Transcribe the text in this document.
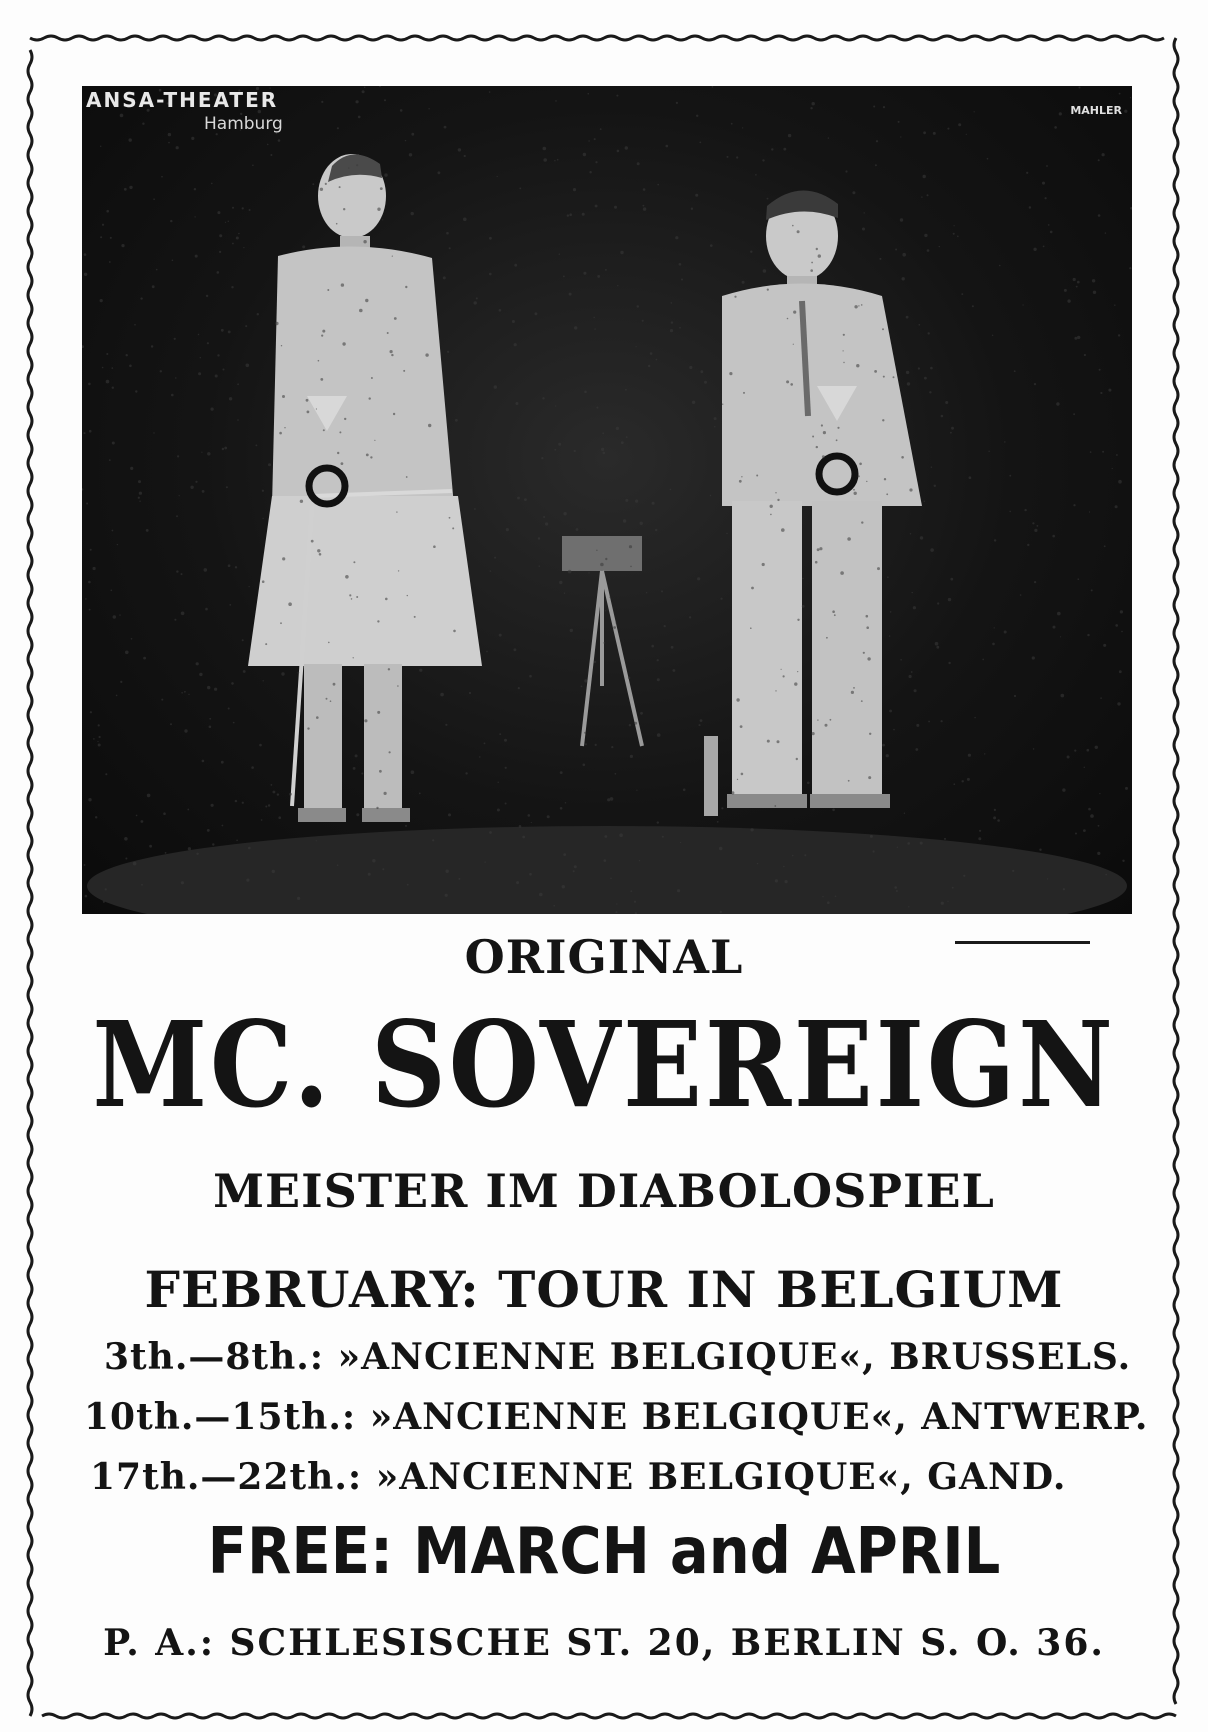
ANSA-THEATER
Hamburg
MAHLER
ORIGINAL
MC. SOVEREIGN
MEISTER IM DIABOLOSPIEL
FEBRUARY: TOUR IN BELGIUM
3th.—8th.: »ANCIENNE BELGIQUE«, BRUSSELS.
10th.—15th.: »ANCIENNE BELGIQUE«, ANTWERP.
17th.—22th.: »ANCIENNE BELGIQUE«, GAND.
FREE: MARCH and APRIL
P. A.: SCHLESISCHE ST. 20, BERLIN S. O. 36.
